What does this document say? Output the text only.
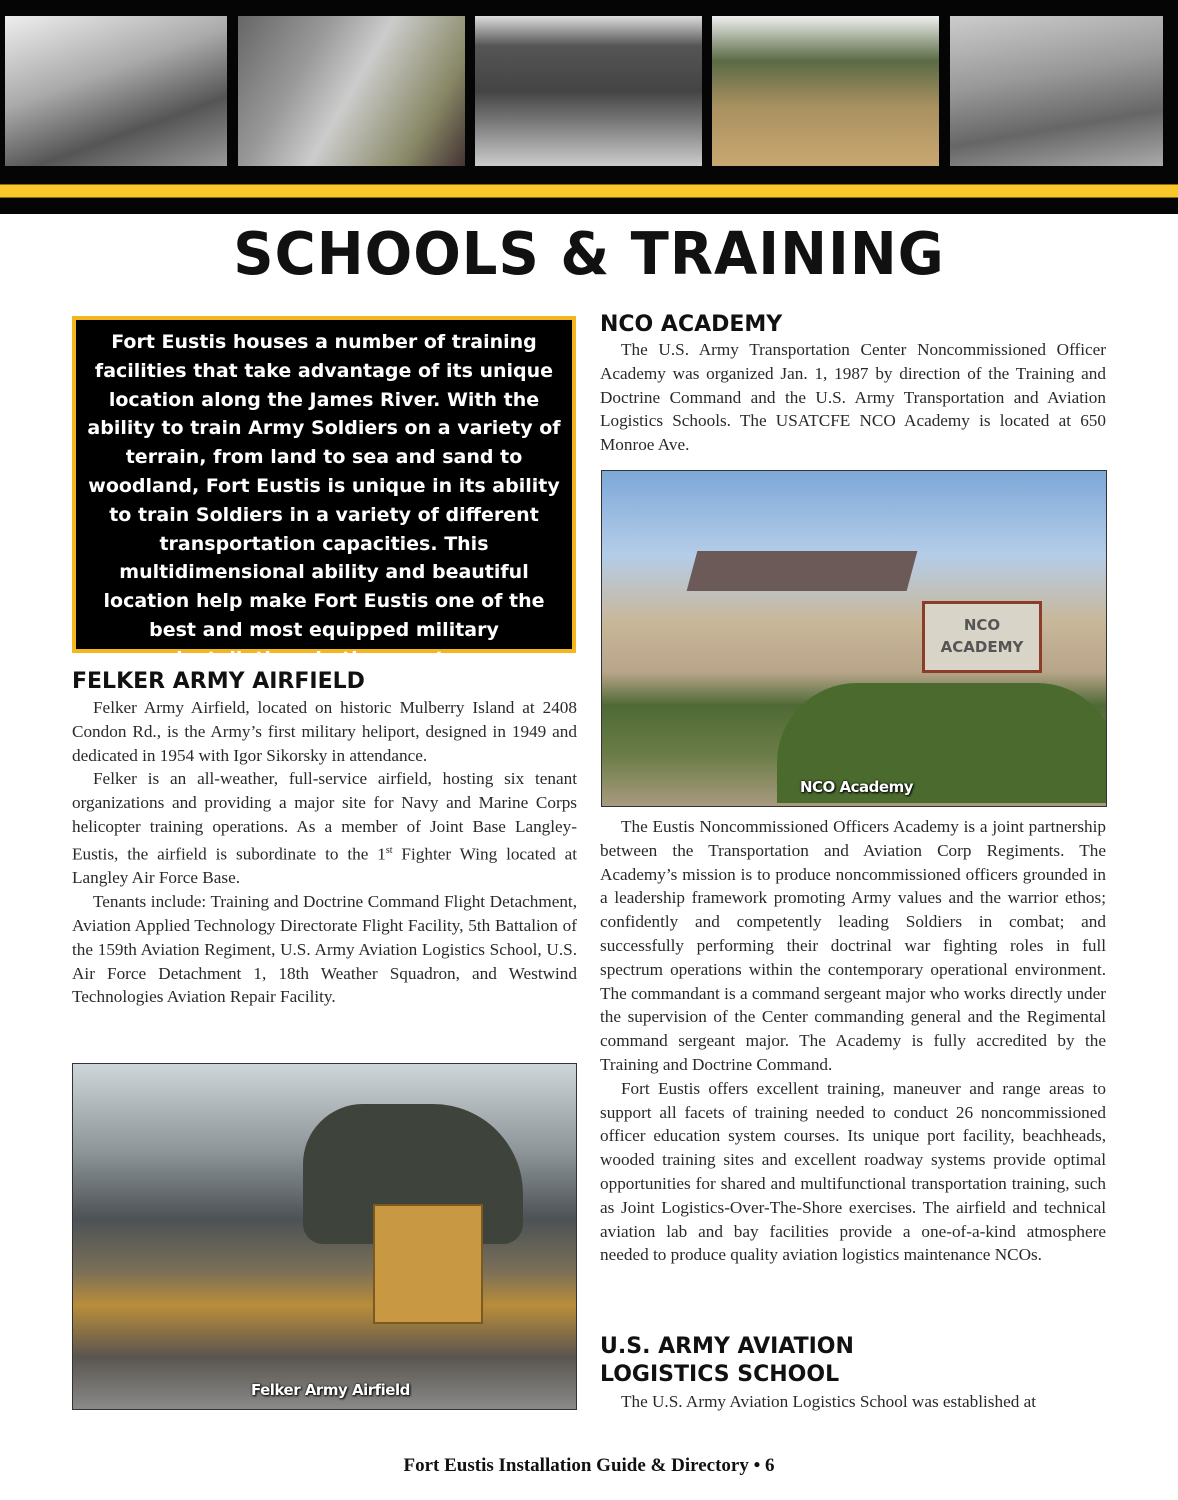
SCHOOLS & TRAINING
Fort Eustis houses a number of training facilities that take advantage of its unique location along the James River. With the ability to train Army Soldiers on a variety of terrain, from land to sea and sand to woodland, Fort Eustis is unique in its ability to train Soldiers in a variety of different transportation capacities. This multidimensional ability and beautiful location help make Fort Eustis one of the best and most equipped military installations in the country.
FELKER ARMY AIRFIELD

Felker Army Airfield, located on historic Mulberry Island at 2408 Condon Rd., is the Army’s first military heliport, designed in 1949 and dedicated in 1954 with Igor Sikorsky in attendance.

Felker is an all-weather, full-service airfield, hosting six tenant organizations and providing a major site for Navy and Marine Corps helicopter training operations. As a member of Joint Base Langley-Eustis, the airfield is subordinate to the 1st Fighter Wing located at Langley Air Force Base.

Tenants include: Training and Doctrine Command Flight Detachment, Aviation Applied Technology Directorate Flight Facility, 5th Battalion of the 159th Aviation Regiment, U.S. Army Aviation Logistics School, U.S. Air Force Detachment 1, 18th Weather Squadron, and Westwind Technologies Aviation Repair Facility.

Felker Army Airfield
NCO ACADEMY

The U.S. Army Transportation Center Noncommissioned Officer Academy was organized Jan. 1, 1987 by direction of the Training and Doctrine Command and the U.S. Army Transportation and Aviation Logistics Schools. The USATCFE NCO Academy is located at 650 Monroe Ave.

NCO
ACADEMY
NCO Academy

The Eustis Noncommissioned Officers Academy is a joint partnership between the Transportation and Aviation Corp Regiments. The Academy’s mission is to produce noncommissioned officers grounded in a leadership framework promoting Army values and the warrior ethos; confidently and competently leading Soldiers in combat; and successfully performing their doctrinal war fighting roles in full spectrum operations within the contemporary operational environment. The commandant is a command sergeant major who works directly under the supervision of the Center commanding general and the Regimental command sergeant major. The Academy is fully accredited by the Training and Doctrine Command.

Fort Eustis offers excellent training, maneuver and range areas to support all facets of training needed to conduct 26 noncommissioned officer education system courses. Its unique port facility, beachheads, wooded training sites and excellent roadway systems provide optimal opportunities for shared and multifunctional transportation training, such as Joint Logistics-Over-The-Shore exercises. The airfield and technical aviation lab and bay facilities provide a one-of-a-kind atmosphere needed to produce quality aviation logistics maintenance NCOs.

U.S. ARMY AVIATION
LOGISTICS SCHOOL

The U.S. Army Aviation Logistics School was established at

Fort Eustis Installation Guide & Directory • 6
